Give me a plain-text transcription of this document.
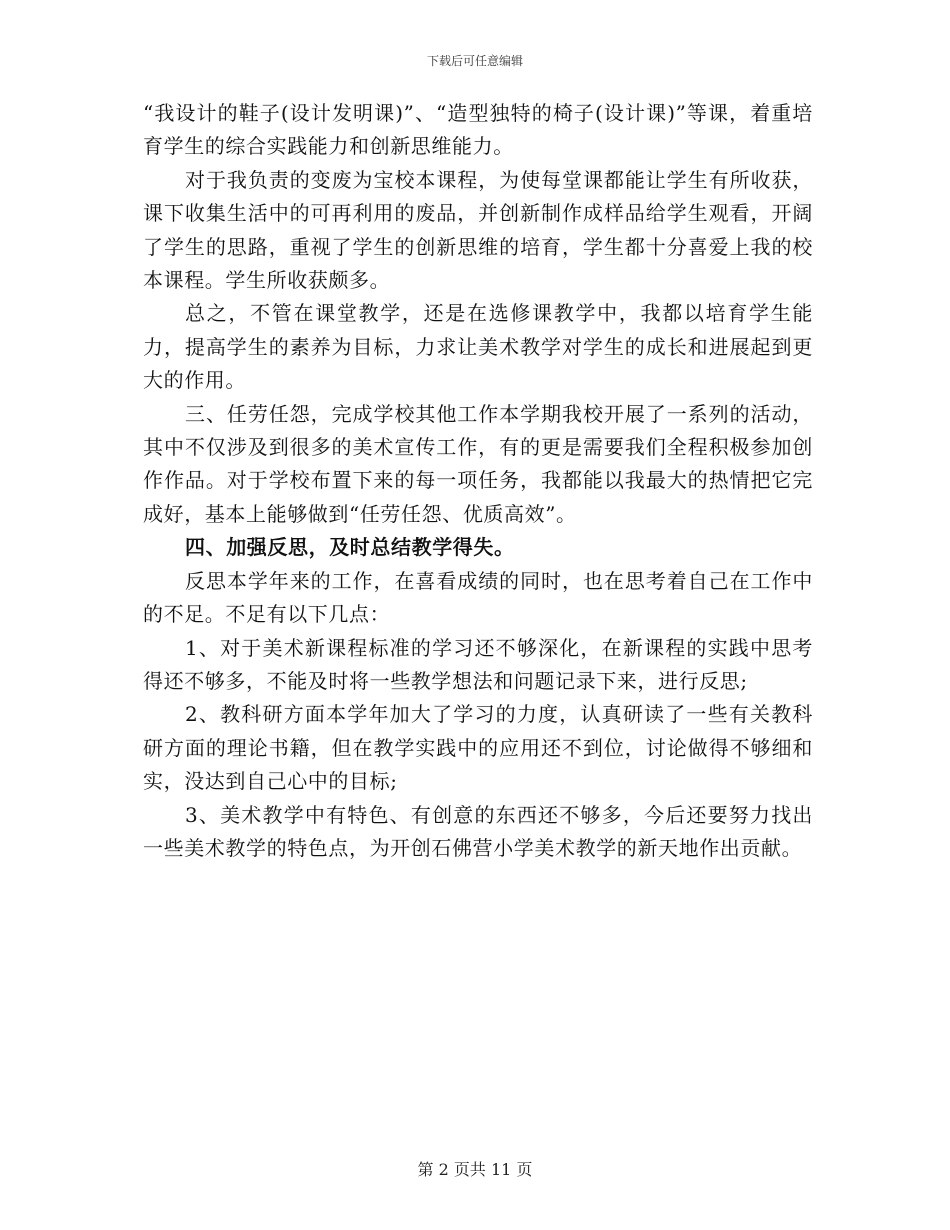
下载后可任意编辑

“我设计的鞋子(设计发明课)”、“造型独特的椅子(设计课)”等课，着重培育学生的综合实践能力和创新思维能力。

对于我负责的变废为宝校本课程，为使每堂课都能让学生有所收获，课下收集生活中的可再利用的废品，并创新制作成样品给学生观看，开阔了学生的思路，重视了学生的创新思维的培育，学生都十分喜爱上我的校本课程。学生所收获颇多。

总之，不管在课堂教学，还是在选修课教学中，我都以培育学生能力，提高学生的素养为目标，力求让美术教学对学生的成长和进展起到更大的作用。

三、任劳任怨，完成学校其他工作本学期我校开展了一系列的活动，其中不仅涉及到很多的美术宣传工作，有的更是需要我们全程积极参加创作作品。对于学校布置下来的每一项任务，我都能以我最大的热情把它完成好，基本上能够做到“任劳任怨、优质高效”。

四、加强反思，及时总结教学得失。

反思本学年来的工作，在喜看成绩的同时，也在思考着自己在工作中的不足。不足有以下几点：

1、对于美术新课程标准的学习还不够深化，在新课程的实践中思考得还不够多，不能及时将一些教学想法和问题记录下来，进行反思;

2、教科研方面本学年加大了学习的力度，认真研读了一些有关教科研方面的理论书籍，但在教学实践中的应用还不到位，讨论做得不够细和实，没达到自己心中的目标;

3、美术教学中有特色、有创意的东西还不够多，今后还要努力找出一些美术教学的特色点，为开创石佛营小学美术教学的新天地作出贡献。

第 2 页共 11 页
